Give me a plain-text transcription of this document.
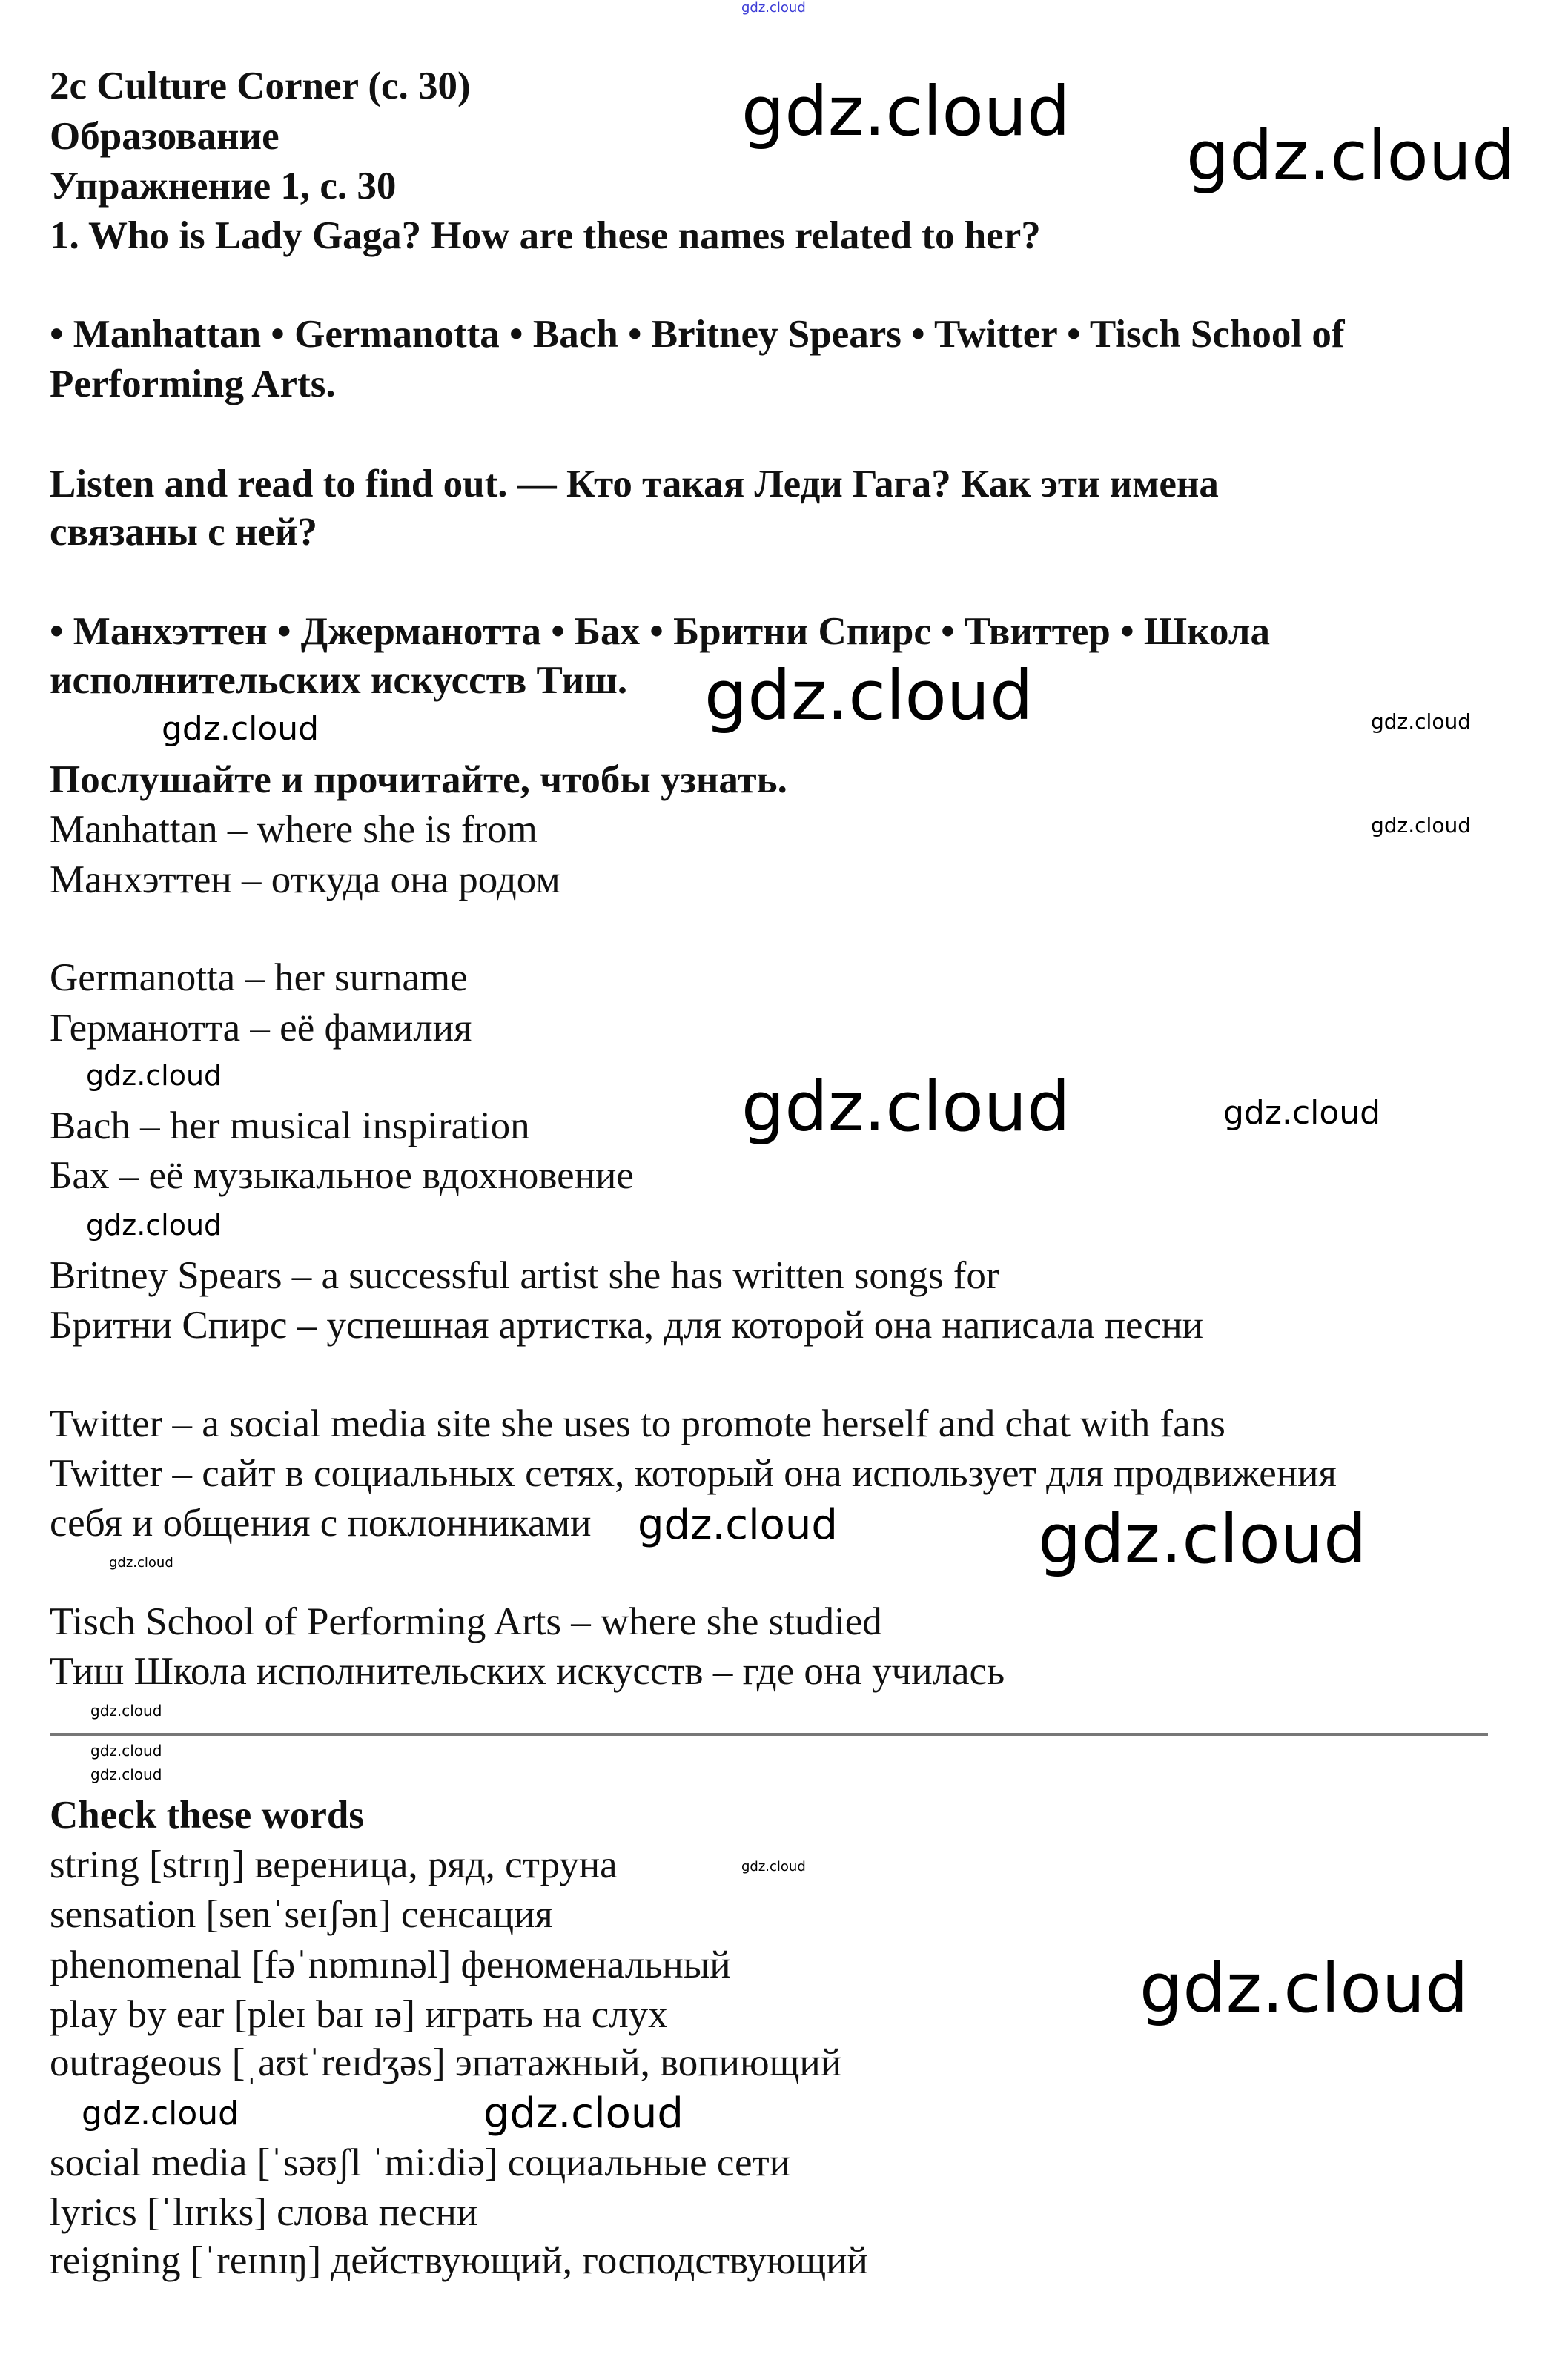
gdz.cloud
2c Culture Corner (с. 30)
Образование
Упражнение 1, с. 30
1. Who is Lady Gaga? How are these names related to her?
• Manhattan • Germanotta • Bach • Britney Spears • Twitter • Tisch School of
Performing Arts.
Listen and read to find out. — Кто такая Леди Гага? Как эти имена
связаны с ней?
• Манхэттен • Джерманотта • Бах • Бритни Спирс • Твиттер • Школа
исполнительских искусств Тиш.
Послушайте и прочитайте, чтобы узнать.
Manhattan – where she is from
Манхэттен – откуда она родом
Germanotta – her surname
Германотта – её фамилия
Bach – her musical inspiration
Бах – её музыкальное вдохновение
Britney Spears – a successful artist she has written songs for
Бритни Спирс – успешная артистка, для которой она написала песни
Twitter – a social media site she uses to promote herself and chat with fans
Twitter – сайт в социальных сетях, который она использует для продвижения
себя и общения с поклонниками
Tisch School of Performing Arts – where she studied
Тиш Школа исполнительских искусств – где она училась
Check these words
string [strɪŋ] вереница, ряд, струна
sensation [senˈseɪʃən] сенсация
phenomenal [fəˈnɒmɪnəl] феноменальный
play by ear [pleɪ baɪ ɪə] играть на слух
outrageous [ˌaʊtˈreɪdʒəs] эпатажный, вопиющий
social media [ˈsəʊʃl ˈmiːdiə] социальные сети
lyrics [ˈlɪrɪks] слова песни
reigning [ˈreɪnɪŋ] действующий, господствующий
gdz.cloud
gdz.cloud
gdz.cloud
gdz.cloud
gdz.cloud
gdz.cloud
gdz.cloud
gdz.cloud
gdz.cloud
gdz.cloud
gdz.cloud
gdz.cloud
gdz.cloud
gdz.cloud
gdz.cloud
gdz.cloud
gdz.cloud
gdz.cloud
gdz.cloud
gdz.cloud
